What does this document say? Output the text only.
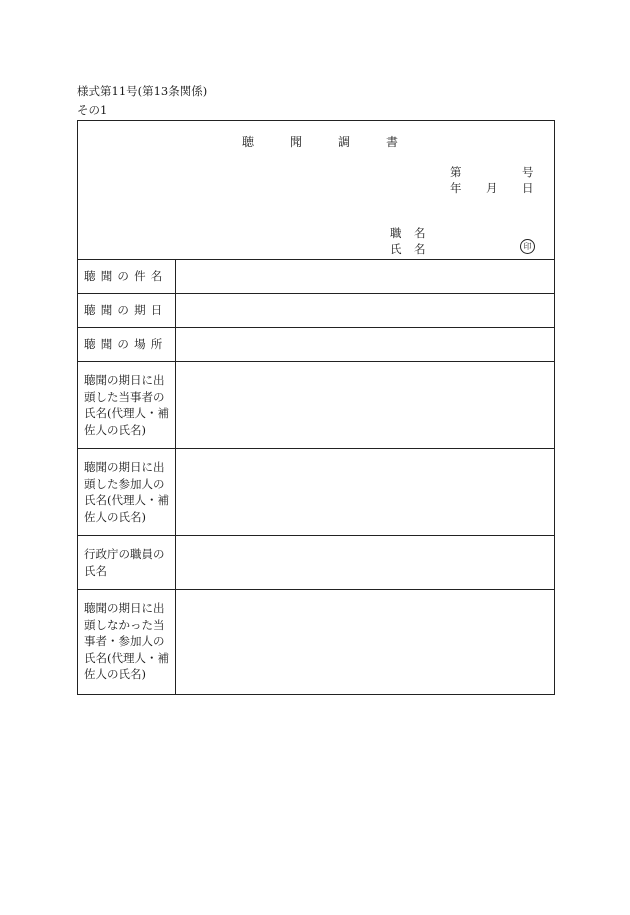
様式第11号(第13条関係)
その1
聴	聞	調	書
第	号
年 月 日
職 名
氏 名	印
聴聞の件名
聴聞の期日
聴聞の場所
聴聞の期日に出頭した当事者の氏名(代理人・補佐人の氏名)
聴聞の期日に出頭した参加人の氏名(代理人・補佐人の氏名)
行政庁の職員の氏名
聴聞の期日に出頭しなかった当事者・参加人の氏名(代理人・補佐人の氏名)
